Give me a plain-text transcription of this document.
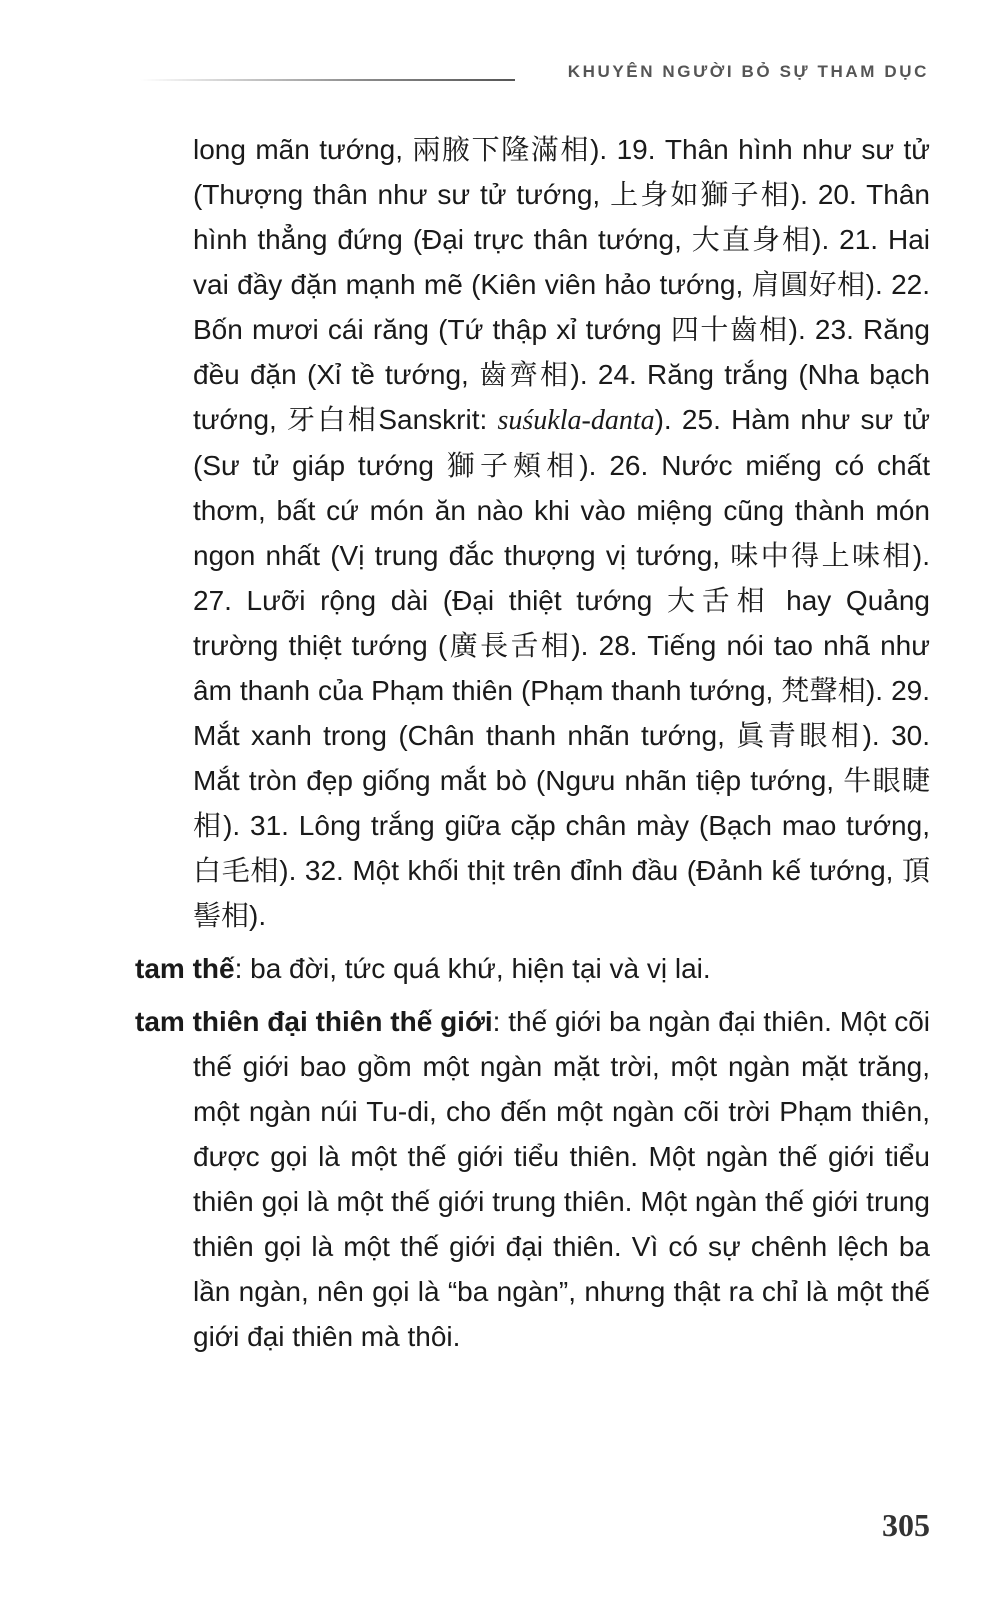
KHUYÊN NGƯỜI BỎ SỰ THAM DỤC
long mãn tướng, 兩腋下隆滿相). 19. Thân hình như sư tử (Thượng thân như sư tử tướng, 上身如獅子相). 20. Thân hình thẳng đứng (Đại trực thân tướng, 大直身相). 21. Hai vai đầy đặn mạnh mẽ (Kiên viên hảo tướng, 肩圓好相). 22. Bốn mươi cái răng (Tứ thập xỉ tướng 四十齒相). 23. Răng đều đặn (Xỉ tề tướng, 齒齊相). 24. Răng trắng (Nha bạch tướng, 牙白相Sanskrit: suśukla-danta). 25. Hàm như sư tử (Sư tử giáp tướng 獅子頰相). 26. Nước miếng có chất thơm, bất cứ món ăn nào khi vào miệng cũng thành món ngon nhất (Vị trung đắc thượng vị tướng, 味中得上味相). 27. Lưỡi rộng dài (Đại thiệt tướng 大舌相 hay Quảng trường thiệt tướng (廣長舌相). 28. Tiếng nói tao nhã như âm thanh của Phạm thiên (Phạm thanh tướng, 梵聲相). 29. Mắt xanh trong (Chân thanh nhãn tướng, 眞青眼相). 30. Mắt tròn đẹp giống mắt bò (Ngưu nhãn tiệp tướng, 牛眼睫相). 31. Lông trắng giữa cặp chân mày (Bạch mao tướng, 白毛相). 32. Một khối thịt trên đỉnh đầu (Đảnh kế tướng, 頂髻相).
tam thế: ba đời, tức quá khứ, hiện tại và vị lai.
tam thiên đại thiên thế giới: thế giới ba ngàn đại thiên. Một cõi thế giới bao gồm một ngàn mặt trời, một ngàn mặt trăng, một ngàn núi Tu-di, cho đến một ngàn cõi trời Phạm thiên, được gọi là một thế giới tiểu thiên. Một ngàn thế giới tiểu thiên gọi là một thế giới trung thiên. Một ngàn thế giới trung thiên gọi là một thế giới đại thiên. Vì có sự chênh lệch ba lần ngàn, nên gọi là “ba ngàn”, nhưng thật ra chỉ là một thế giới đại thiên mà thôi.
305
